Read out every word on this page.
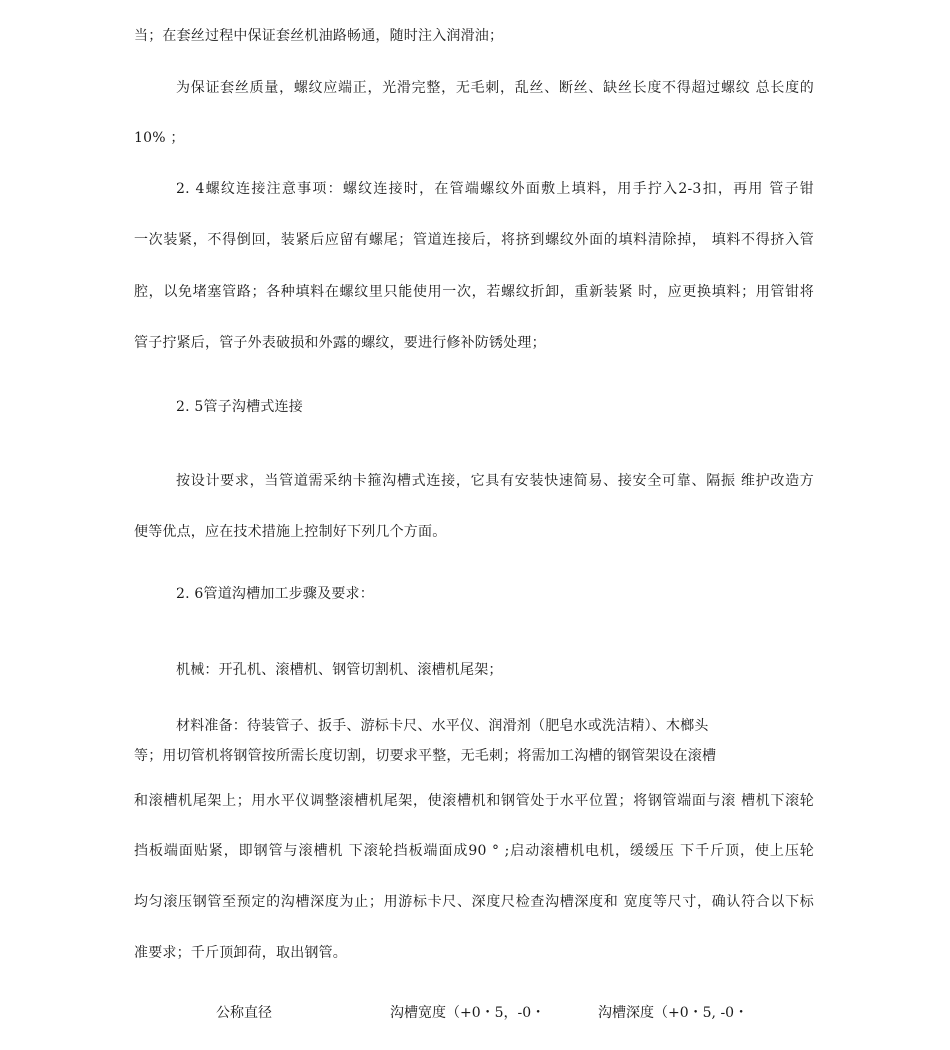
当；在套丝过程中保证套丝机油路畅通，随时注入润滑油；
为保证套丝质量，螺纹应端正，光滑完整，无毛刺，乱丝、断丝、缺丝长度不得超过螺纹 总长度的
10% ；
2. 4螺纹连接注意事项：螺纹连接时，在管端螺纹外面敷上填料，用手拧入2-3扣，再用 管子钳
一次装紧，不得倒回，装紧后应留有螺尾；管道连接后，将挤到螺纹外面的填料清除掉， 填料不得挤入管
腔，以免堵塞管路；各种填料在螺纹里只能使用一次，若螺纹折卸，重新装紧 时，应更换填料；用管钳将
管子拧紧后，管子外表破损和外露的螺纹，要进行修补防锈处理；
2. 5管子沟槽式连接
按设计要求，当管道需采纳卡箍沟槽式连接，它具有安装快速简易、接安全可靠、隔振 维护改造方
便等优点，应在技术措施上控制好下列几个方面。
2. 6管道沟槽加工步骤及要求：
机械：开孔机、滚槽机、钢管切割机、滚槽机尾架；
材料准备：待装管子、扳手、游标卡尺、水平仪、润滑剂（肥皂水或洗洁精）、木榔头
等；用切管机将钢管按所需长度切割，切要求平整，无毛刺；将需加工沟槽的钢管架设在滚槽
和滚槽机尾架上；用水平仪调整滚槽机尾架，使滚槽机和钢管处于水平位置；将钢管端面与滚 槽机下滚轮
挡板端面贴紧，即钢管与滚槽机 下滚轮挡板端面成90 ° ;启动滚槽机电机，缓缓压 下千斤顶，使上压轮
均匀滚压钢管至预定的沟槽深度为止；用游标卡尺、深度尺检查沟槽深度和 宽度等尺寸，确认符合以下标
准要求；千斤顶卸荷，取出钢管。
公称直径	沟槽宽度（+0・5，-0・	沟槽深度（+0・5, -0・
